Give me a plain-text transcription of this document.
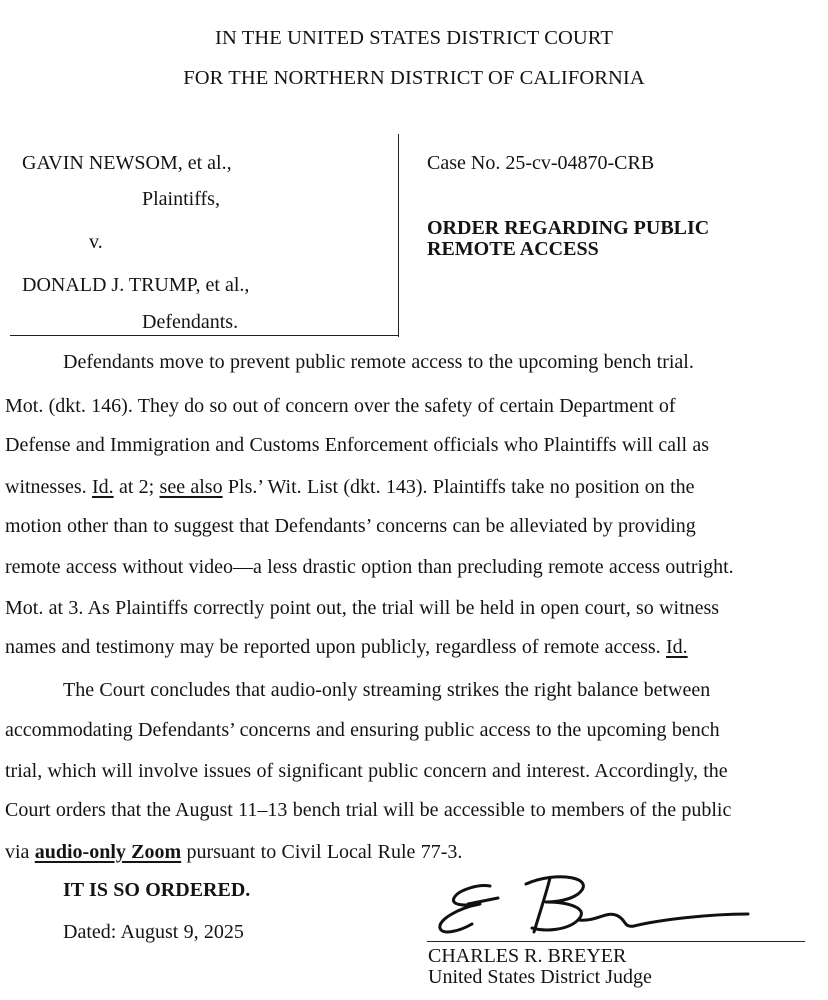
IN THE UNITED STATES DISTRICT COURT
FOR THE NORTHERN DISTRICT OF CALIFORNIA
GAVIN NEWSOM, et al.,
Plaintiffs,
v.
DONALD J. TRUMP, et al.,
Defendants.
Case No. 25-cv-04870-CRB
ORDER REGARDING PUBLIC
REMOTE ACCESS
Defendants move to prevent public remote access to the upcoming bench trial.
Mot. (dkt. 146). They do so out of concern over the safety of certain Department of
Defense and Immigration and Customs Enforcement officials who Plaintiffs will call as
witnesses. Id. at 2; see also Pls.’ Wit. List (dkt. 143). Plaintiffs take no position on the
motion other than to suggest that Defendants’ concerns can be alleviated by providing
remote access without video—a less drastic option than precluding remote access outright.
Mot. at 3. As Plaintiffs correctly point out, the trial will be held in open court, so witness
names and testimony may be reported upon publicly, regardless of remote access. Id.
The Court concludes that audio-only streaming strikes the right balance between
accommodating Defendants’ concerns and ensuring public access to the upcoming bench
trial, which will involve issues of significant public concern and interest. Accordingly, the
Court orders that the August 11–13 bench trial will be accessible to members of the public
via audio-only Zoom pursuant to Civil Local Rule 77-3.
IT IS SO ORDERED.
Dated: August 9, 2025
CHARLES R. BREYER
United States District Judge
